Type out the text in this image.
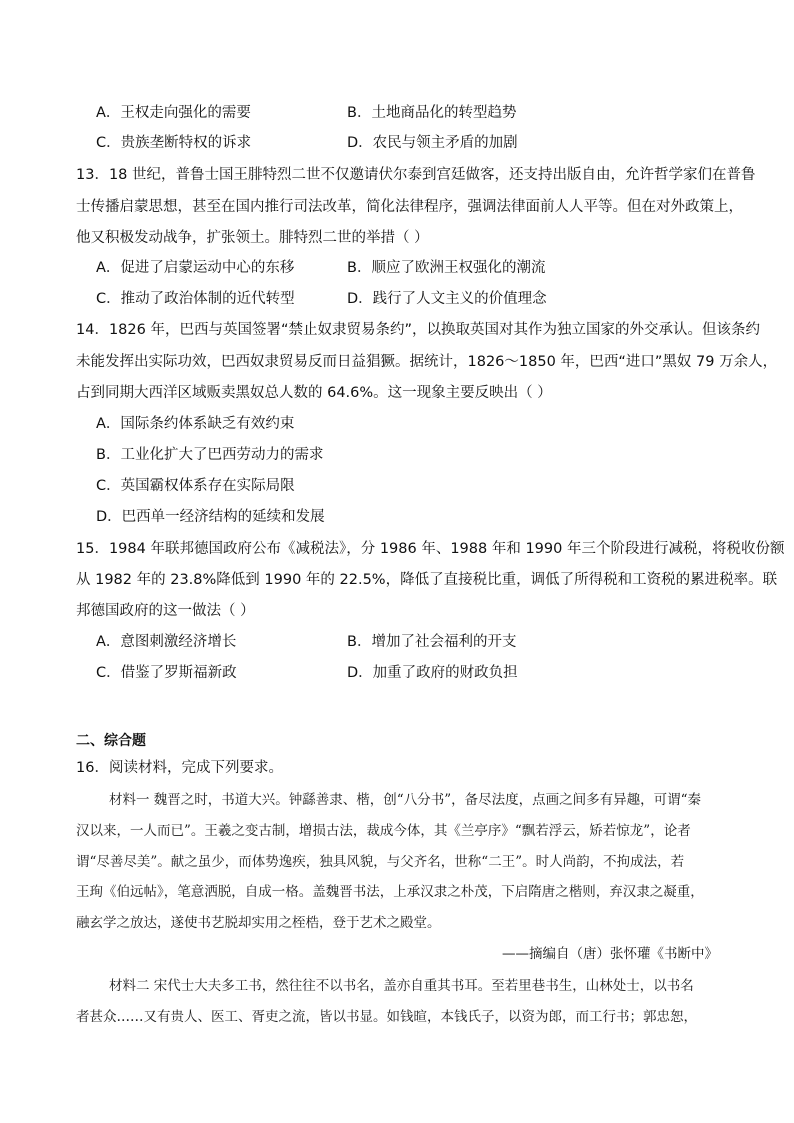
A．王权走向强化的需要	B．土地商品化的转型趋势
C．贵族垄断特权的诉求	D．农民与领主矛盾的加剧
13．18 世纪，普鲁士国王腓特烈二世不仅邀请伏尔泰到宫廷做客，还支持出版自由，允许哲学家们在普鲁
士传播启蒙思想，甚至在国内推行司法改革，简化法律程序，强调法律面前人人平等。但在对外政策上，
他又积极发动战争，扩张领土。腓特烈二世的举措（ ）
A．促进了启蒙运动中心的东移	B．顺应了欧洲王权强化的潮流
C．推动了政治体制的近代转型	D．践行了人文主义的价值理念
14．1826 年，巴西与英国签署“禁止奴隶贸易条约”，以换取英国对其作为独立国家的外交承认。但该条约
未能发挥出实际功效，巴西奴隶贸易反而日益猖獗。据统计，1826～1850 年，巴西“进口”黑奴 79 万余人，
占到同期大西洋区域贩卖黑奴总人数的 64.6%。这一现象主要反映出（ ）
A．国际条约体系缺乏有效约束
B．工业化扩大了巴西劳动力的需求
C．英国霸权体系存在实际局限
D．巴西单一经济结构的延续和发展
15．1984 年联邦德国政府公布《减税法》，分 1986 年、1988 年和 1990 年三个阶段进行减税，将税收份额
从 1982 年的 23.8%降低到 1990 年的 22.5%，降低了直接税比重，调低了所得税和工资税的累进税率。联
邦德国政府的这一做法（ ）
A．意图刺激经济增长	B．增加了社会福利的开支
C．借鉴了罗斯福新政	D．加重了政府的财政负担
二、综合题
16．阅读材料，完成下列要求。
材料一 魏晋之时，书道大兴。钟繇善隶、楷，创“八分书”，备尽法度，点画之间多有异趣，可谓“秦
汉以来，一人而已”。王羲之变古制，增损古法，裁成今体，其《兰亭序》“飘若浮云，矫若惊龙”，论者
谓“尽善尽美”。献之虽少，而体势逸疾，独具风貌，与父齐名，世称“二王”。时人尚韵，不拘成法，若
王珣《伯远帖》，笔意洒脱，自成一格。盖魏晋书法，上承汉隶之朴茂，下启隋唐之楷则，弃汉隶之凝重，
融玄学之放达，遂使书艺脱却实用之桎梏，登于艺术之殿堂。
——摘编自（唐）张怀瓘《书断中》
材料二 宋代士大夫多工书，然往往不以书名，盖亦自重其书耳。至若里巷书生，山林处士，以书名
者甚众……又有贵人、医工、胥吏之流，皆以书显。如钱暄，本钱氏子，以资为郎，而工行书；郭忠恕，
